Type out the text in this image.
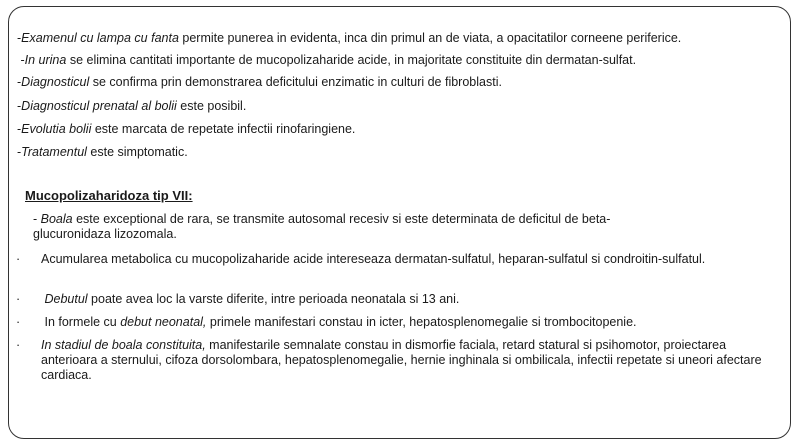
-Examenul cu lampa cu fanta permite punerea in evidenta, inca din primul an de viata, a opacitatilor corneene periferice.
-In urina se elimina cantitati importante de mucopolizaharide acide, in majoritate constituite din dermatan-sulfat.
-Diagnosticul se confirma prin demonstrarea deficitului enzimatic in culturi de fibroblasti.
-Diagnosticul prenatal al bolii este posibil.
-Evolutia bolii este marcata de repetate infectii rinofaringiene.
-Tratamentul este simptomatic.
Mucopolizaharidoza tip VII:
- Boala este exceptional de rara, se transmite autosomal recesiv si este determinata de deficitul de betaglucuronidaza lizozomala.
· Acumularea metabolica cu mucopolizaharide acide intereseaza dermatan-sulfatul, heparan-sulfatul si condroitin-sulfatul.
· Debutul poate avea loc la varste diferite, intre perioada neonatala si 13 ani.
· In formele cu debut neonatal, primele manifestari constau in icter, hepatosplenomegalie si trombocitopenie.
· In stadiul de boala constituita, manifestarile semnalate constau in dismorfie faciala, retard statural si psihomotor, proiectarea anterioara a sternului, cifoza dorsolombara, hepatosplenomegalie, hernie inghinala si ombilicala, infectii repetate si uneori afectare cardiaca.
